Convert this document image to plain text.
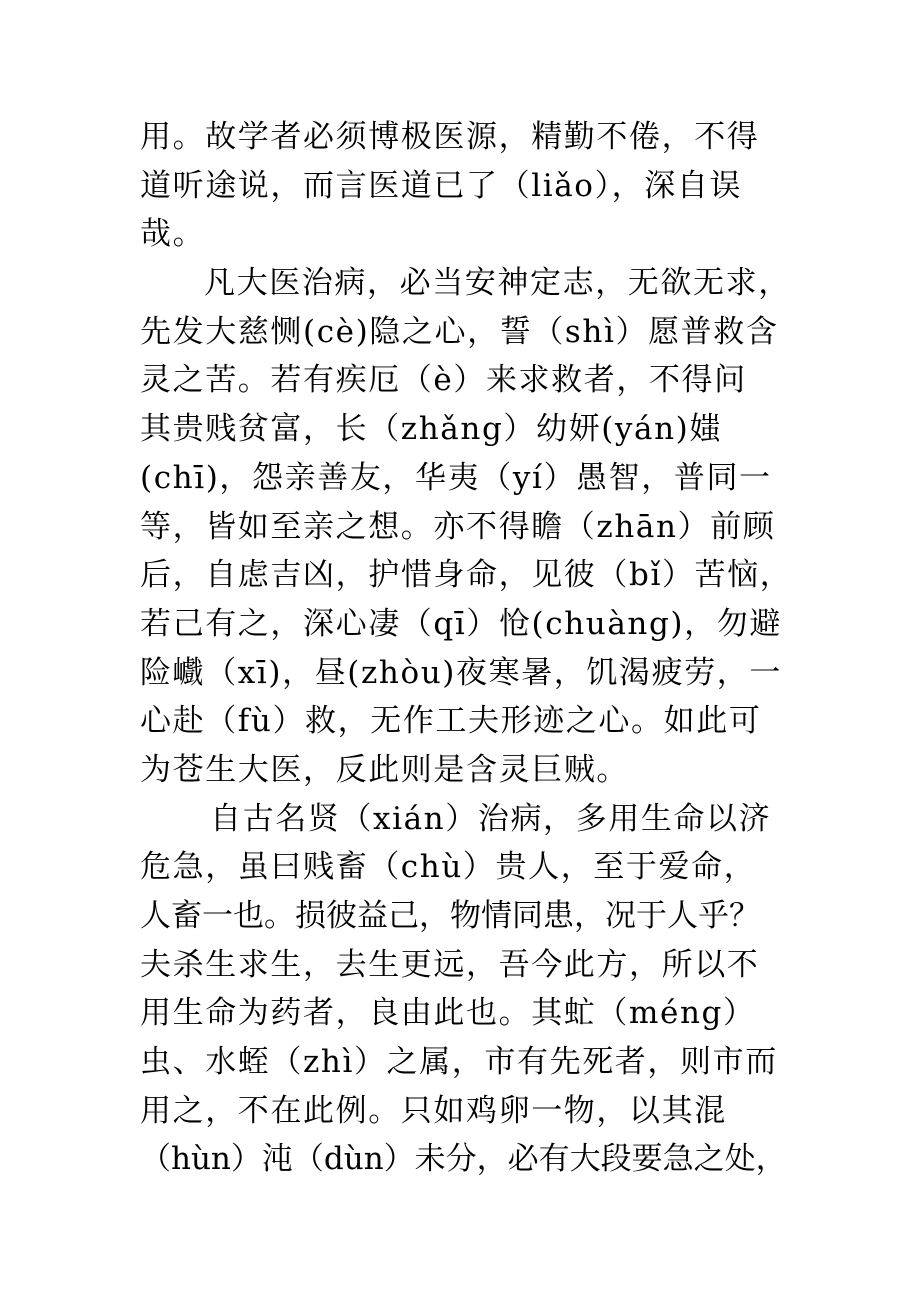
用。故学者必须博极医源，精勤不倦，不得
道听途说，而言医道已了（liǎo），深自误
哉。
凡大医治病，必当安神定志，无欲无求，
先发大慈恻(cè)隐之心，誓（shì）愿普救含
灵之苦。若有疾厄（è）来求救者，不得问
其贵贱贫富，长（zhǎng）幼妍(yán)媸
(chī)，怨亲善友，华夷（yí）愚智，普同一
等，皆如至亲之想。亦不得瞻（zhān）前顾
后，自虑吉凶，护惜身命，见彼（bǐ）苦恼，
若己有之，深心凄（qī）怆(chuàng)，勿避
险巇（xī)，昼(zhòu)夜寒暑，饥渴疲劳，一
心赴（fù）救，无作工夫形迹之心。如此可
为苍生大医，反此则是含灵巨贼。
自古名贤（xián）治病，多用生命以济
危急，虽曰贱畜（chù）贵人，至于爱命，
人畜一也。损彼益己，物情同患，况于人乎？
夫杀生求生，去生更远，吾今此方，所以不
用生命为药者，良由此也。其虻（méng）
虫、水蛭（zhì）之属，市有先死者，则市而
用之，不在此例。只如鸡卵一物，以其混
（hùn）沌（dùn）未分，必有大段要急之处，
